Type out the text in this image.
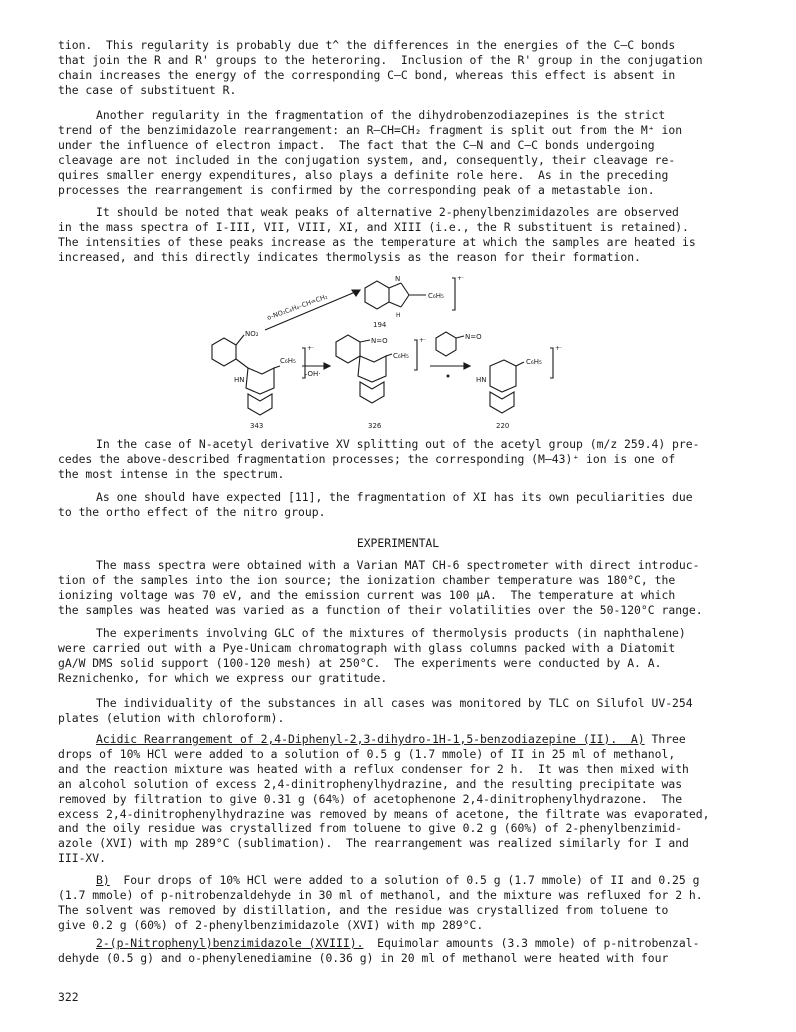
tion.  This regularity is probably due t^ the differences in the energies of the C–C bonds
that join the R and R' groups to the heteroring.  Inclusion of the R' group in the conjugation
chain increases the energy of the corresponding C–C bond, whereas this effect is absent in
the case of substituent R.

Another regularity in the fragmentation of the dihydrobenzodiazepines is the strict
trend of the benzimidazole rearrangement: an R–CH=CH₂ fragment is split out from the M⁺ ion
under the influence of electron impact.  The fact that the C–N and C–C bonds undergoing
cleavage are not included in the conjugation system, and, consequently, their cleavage re-
quires smaller energy expenditures, also plays a definite role here.  As in the preceding
processes the rearrangement is confirmed by the corresponding peak of a metastable ion.

It should be noted that weak peaks of alternative 2-phenylbenzimidazoles are observed
in the mass spectra of I-III, VII, VIII, XI, and XIII (i.e., the R substituent is retained).
The intensities of these peaks increase as the temperature at which the samples are heated is
increased, and this directly indicates thermolysis as the reason for their formation.

N
H
C₆H₅
+·
194
o-NO₂C₆H₄–CH=CH₂
NO₂
C₆H₅
+·
HN
343
–OH·
N=O
C₆H₅
+·
326
N=O
C₆H₅
+·
HN
220

In the case of N-acetyl derivative XV splitting out of the acetyl group (m/z 259.4) pre-
cedes the above-described fragmentation processes; the corresponding (M–43)⁺ ion is one of
the most intense in the spectrum.

As one should have expected [11], the fragmentation of XI has its own peculiarities due
to the ortho effect of the nitro group.

EXPERIMENTAL

The mass spectra were obtained with a Varian MAT CH-6 spectrometer with direct introduc-
tion of the samples into the ion source; the ionization chamber temperature was 180°C, the
ionizing voltage was 70 eV, and the emission current was 100 μA.  The temperature at which
the samples was heated was varied as a function of their volatilities over the 50-120°C range.

The experiments involving GLC of the mixtures of thermolysis products (in naphthalene)
were carried out with a Pye-Unicam chromatograph with glass columns packed with a Diatomit
gA/W DMS solid support (100-120 mesh) at 250°C.  The experiments were conducted by A. A.
Reznichenko, for which we express our gratitude.

The individuality of the substances in all cases was monitored by TLC on Silufol UV-254
plates (elution with chloroform).

Acidic Rearrangement of 2,4-Diphenyl-2,3-dihydro-1H-1,5-benzodiazepine (II).  A) Three
drops of 10% HCl were added to a solution of 0.5 g (1.7 mmole) of II in 25 ml of methanol,
and the reaction mixture was heated with a reflux condenser for 2 h.  It was then mixed with
an alcohol solution of excess 2,4-dinitrophenylhydrazine, and the resulting precipitate was
removed by filtration to give 0.31 g (64%) of acetophenone 2,4-dinitrophenylhydrazone.  The
excess 2,4-dinitrophenylhydrazine was removed by means of acetone, the filtrate was evaporated,
and the oily residue was crystallized from toluene to give 0.2 g (60%) of 2-phenylbenzimid-
azole (XVI) with mp 289°C (sublimation).  The rearrangement was realized similarly for I and
III-XV.

B)  Four drops of 10% HCl were added to a solution of 0.5 g (1.7 mmole) of II and 0.25 g
(1.7 mmole) of p-nitrobenzaldehyde in 30 ml of methanol, and the mixture was refluxed for 2 h.
The solvent was removed by distillation, and the residue was crystallized from toluene to
give 0.2 g (60%) of 2-phenylbenzimidazole (XVI) with mp 289°C.

2-(p-Nitrophenyl)benzimidazole (XVIII).  Equimolar amounts (3.3 mmole) of p-nitrobenzal-
dehyde (0.5 g) and o-phenylenediamine (0.36 g) in 20 ml of methanol were heated with four

322
